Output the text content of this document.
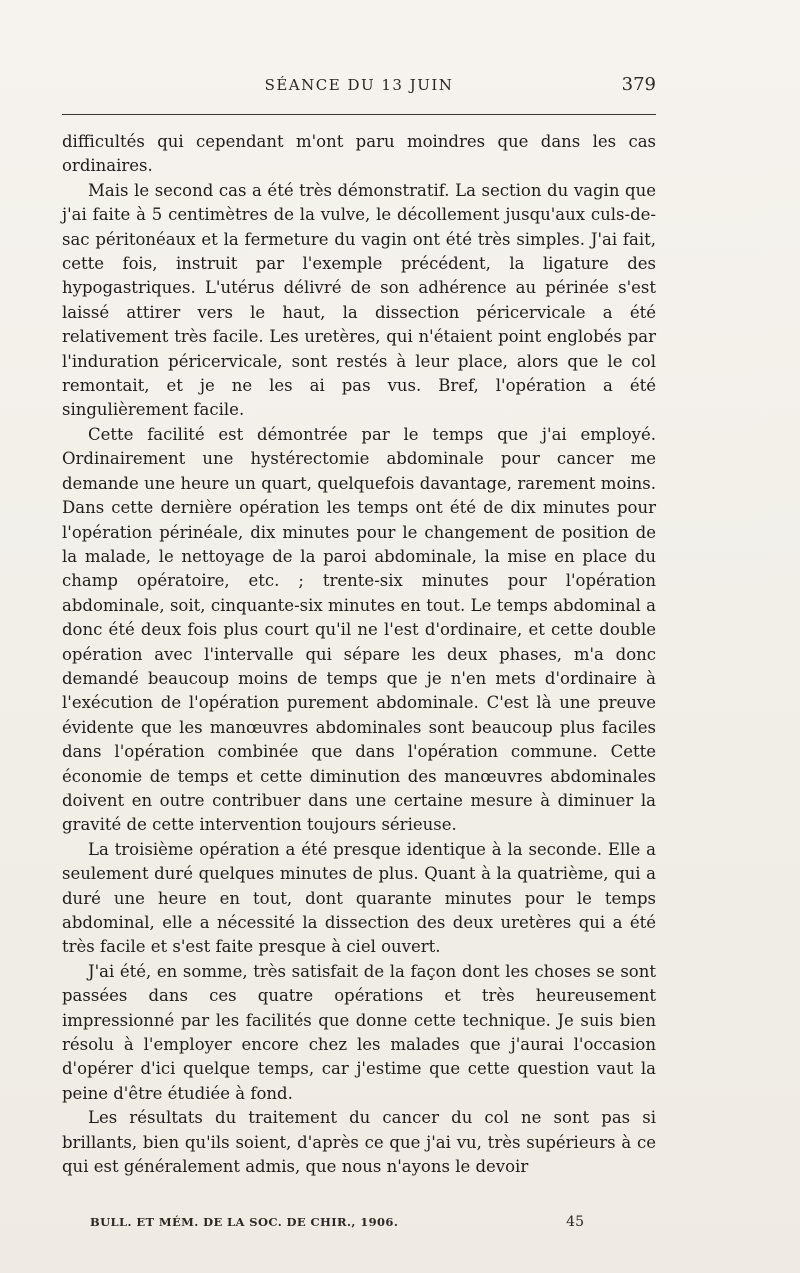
SÉANCE DU 13 JUIN	379

difficultés qui cependant m'ont paru moindres que dans les cas ordinaires.

Mais le second cas a été très démonstratif. La section du vagin que j'ai faite à 5 centimètres de la vulve, le décollement jusqu'aux culs-de-sac péritonéaux et la fermeture du vagin ont été très simples. J'ai fait, cette fois, instruit par l'exemple précédent, la ligature des hypogastriques. L'utérus délivré de son adhérence au périnée s'est laissé attirer vers le haut, la dissection péricervicale a été relativement très facile. Les uretères, qui n'étaient point englobés par l'induration péricervicale, sont restés à leur place, alors que le col remontait, et je ne les ai pas vus. Bref, l'opération a été singulièrement facile.

Cette facilité est démontrée par le temps que j'ai employé. Ordinairement une hystérectomie abdominale pour cancer me demande une heure un quart, quelquefois davantage, rarement moins. Dans cette dernière opération les temps ont été de dix minutes pour l'opération périnéale, dix minutes pour le changement de position de la malade, le nettoyage de la paroi abdominale, la mise en place du champ opératoire, etc. ; trente-six minutes pour l'opération abdominale, soit, cinquante-six minutes en tout. Le temps abdominal a donc été deux fois plus court qu'il ne l'est d'ordinaire, et cette double opération avec l'intervalle qui sépare les deux phases, m'a donc demandé beaucoup moins de temps que je n'en mets d'ordinaire à l'exécution de l'opération purement abdominale. C'est là une preuve évidente que les manœuvres abdominales sont beaucoup plus faciles dans l'opération combinée que dans l'opération commune. Cette économie de temps et cette diminution des manœuvres abdominales doivent en outre contribuer dans une certaine mesure à diminuer la gravité de cette intervention toujours sérieuse.

La troisième opération a été presque identique à la seconde. Elle a seulement duré quelques minutes de plus. Quant à la quatrième, qui a duré une heure en tout, dont quarante minutes pour le temps abdominal, elle a nécessité la dissection des deux uretères qui a été très facile et s'est faite presque à ciel ouvert.

J'ai été, en somme, très satisfait de la façon dont les choses se sont passées dans ces quatre opérations et très heureusement impressionné par les facilités que donne cette technique. Je suis bien résolu à l'employer encore chez les malades que j'aurai l'occasion d'opérer d'ici quelque temps, car j'estime que cette question vaut la peine d'être étudiée à fond.

Les résultats du traitement du cancer du col ne sont pas si brillants, bien qu'ils soient, d'après ce que j'ai vu, très supérieurs à ce qui est généralement admis, que nous n'ayons le devoir

BULL. ET MÉM. DE LA SOC. DE CHIR., 1906.	45
